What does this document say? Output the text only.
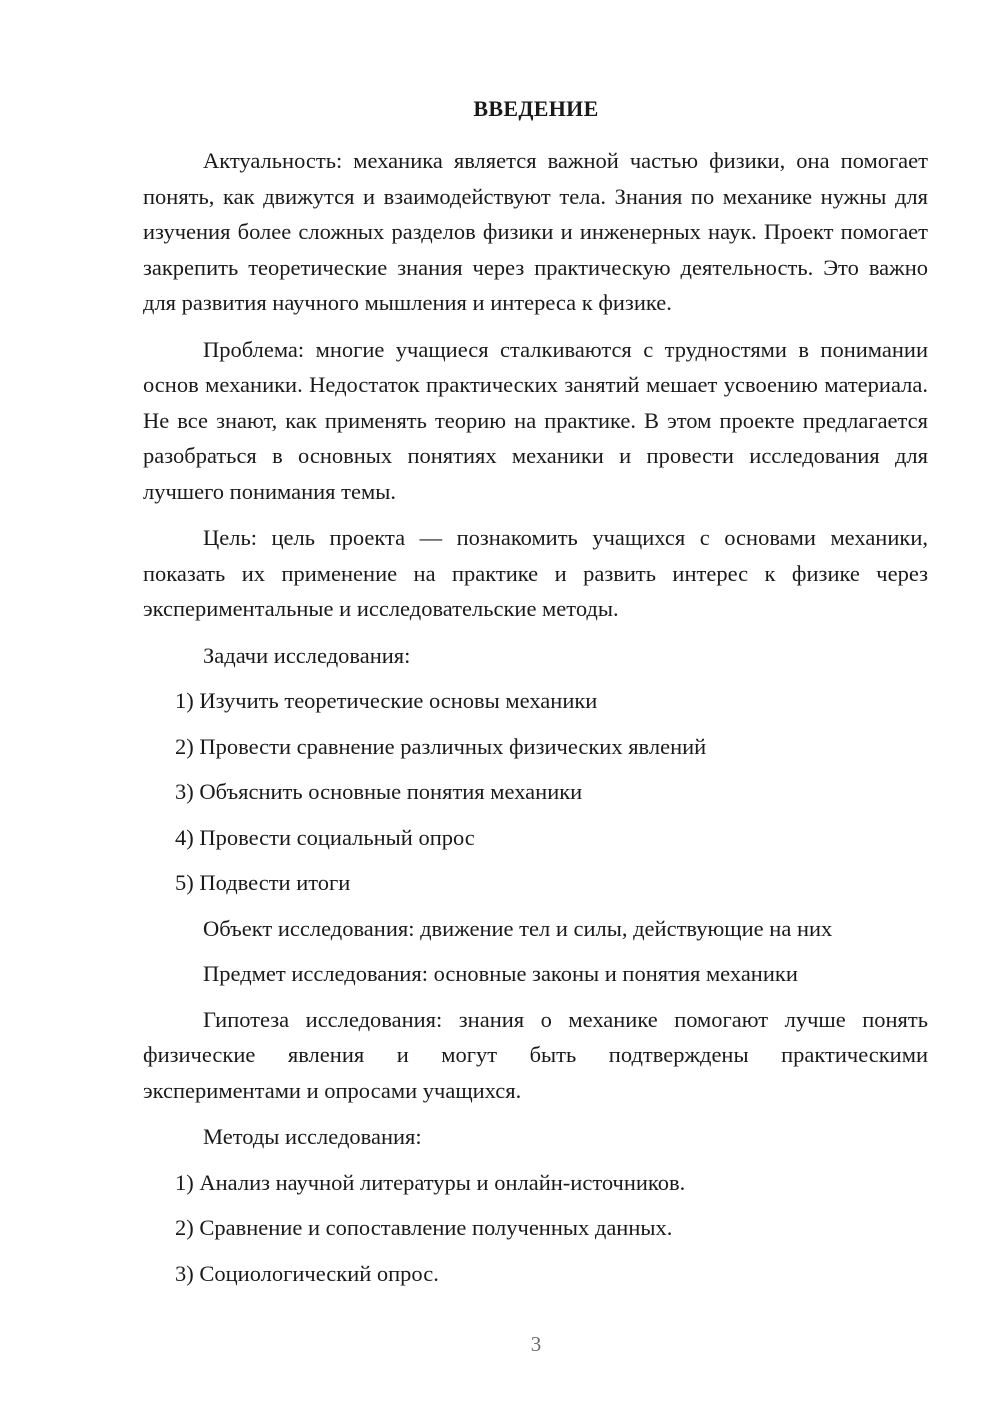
ВВЕДЕНИЕ

Актуальность: механика является важной частью физики, она помогает понять, как движутся и взаимодействуют тела. Знания по механике нужны для изучения более сложных разделов физики и инженерных наук. Проект помогает закрепить теоретические знания через практическую деятельность. Это важно для развития научного мышления и интереса к физике.

Проблема: многие учащиеся сталкиваются с трудностями в понимании основ механики. Недостаток практических занятий мешает усвоению материала. Не все знают, как применять теорию на практике. В этом проекте предлагается разобраться в основных понятиях механики и провести исследования для лучшего понимания темы.

Цель: цель проекта — познакомить учащихся с основами механики, показать их применение на практике и развить интерес к физике через экспериментальные и исследовательские методы.

Задачи исследования:
1) Изучить теоретические основы механики
2) Провести сравнение различных физических явлений
3) Объяснить основные понятия механики
4) Провести социальный опрос
5) Подвести итоги
Объект исследования: движение тел и силы, действующие на них
Предмет исследования: основные законы и понятия механики

Гипотеза исследования: знания о механике помогают лучше понять физические явления и могут быть подтверждены практическими экспериментами и опросами учащихся.

Методы исследования:
1) Анализ научной литературы и онлайн-источников.
2) Сравнение и сопоставление полученных данных.
3) Социологический опрос.
3
